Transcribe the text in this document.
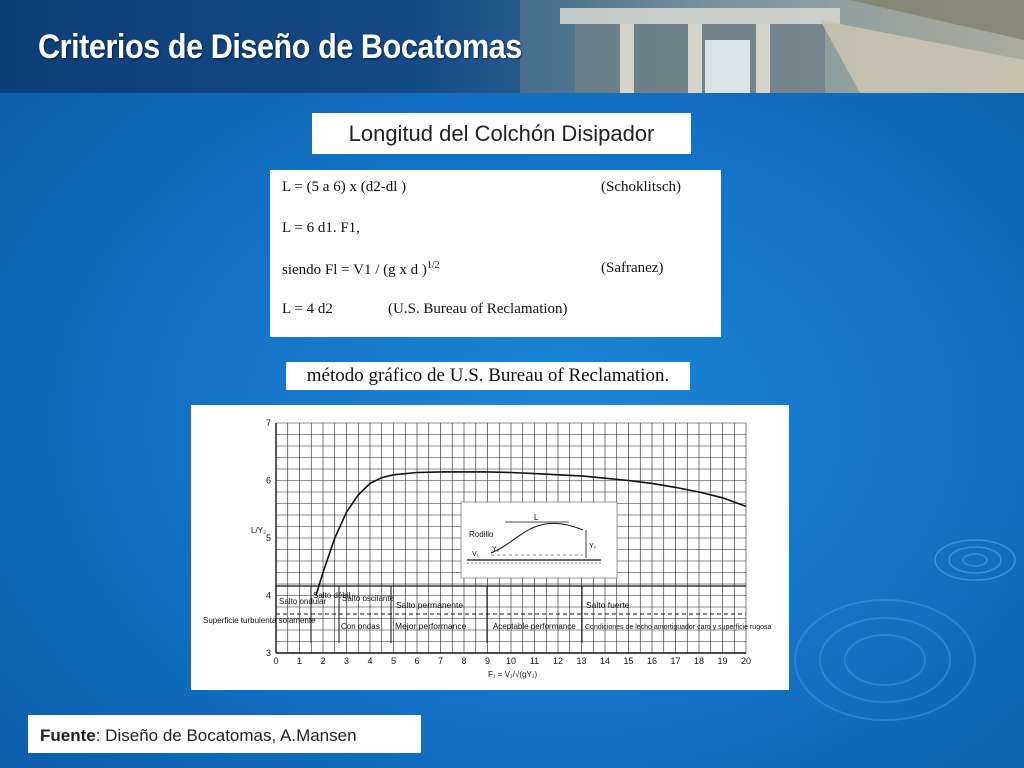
Criterios de Diseño de Bocatomas
Longitud del Colchón Disipador
L = (5 a 6) x (d2-dl )	(Schoklitsch)
L = 6 d1. F1,
siendo Fl = V1 / (g x d )$^{1/2}$	(Safranez)
L = 4 d2	(U.S. Bureau of Reclamation)
método gráfico de U.S. Bureau of Reclamation.
0 1 2 3 4 5 6 7 8 9 10 11 12 13 14 15 16 17 18 19 20
3
4
5
6
7
Salto ondular
Salto débil
Salto oscilante
Salto permanente	Salto fuerte
Superficie turbulenta solamente
Con ondas Mejor performance	Aceptable performance Condiciones de lecho amortiguador caro y superficie rugosa
Rodillo
L
V₁
Y₁	Y₂
L/Y₂
F₁ = V₁/√(gY₁)
Fuente: Diseño de Bocatomas, A.Mansen
